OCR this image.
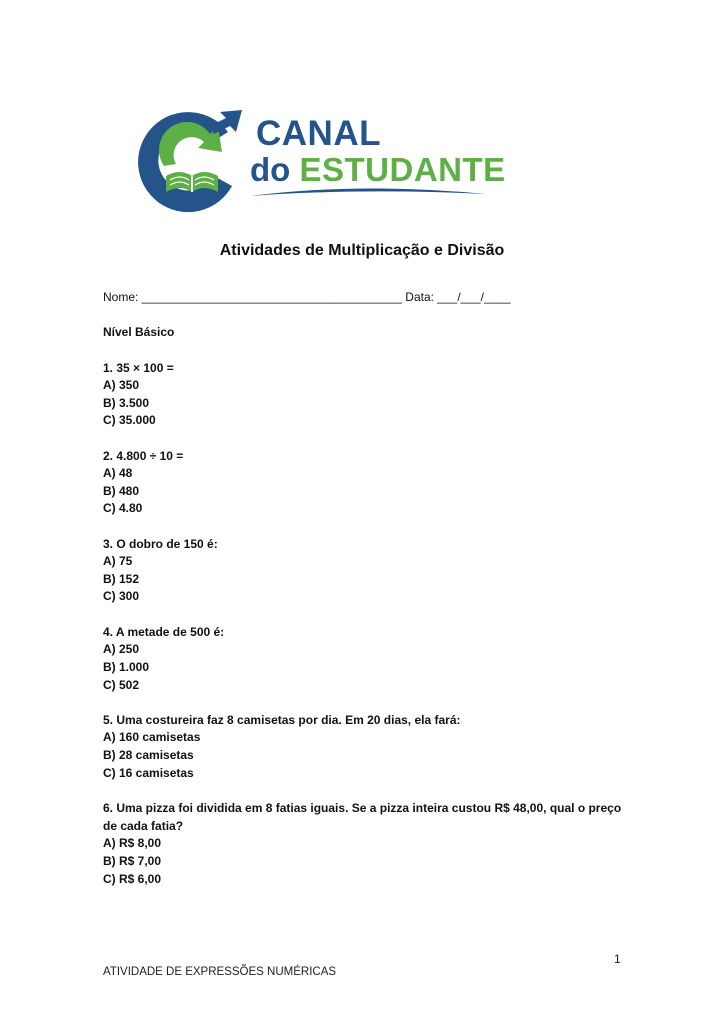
CANAL
do ESTUDANTE
Atividades de Multiplicação e Divisão
Nome: _______________________________________ Data: ___/___/____
Nível Básico
1. 35 × 100 =
A) 350
B) 3.500
C) 35.000
2. 4.800 ÷ 10 =
A) 48
B) 480
C) 4.80
3. O dobro de 150 é:
A) 75
B) 152
C) 300
4. A metade de 500 é:
A) 250
B) 1.000
C) 502
5. Uma costureira faz 8 camisetas por dia. Em 20 dias, ela fará:
A) 160 camisetas
B) 28 camisetas
C) 16 camisetas
6. Uma pizza foi dividida em 8 fatias iguais. Se a pizza inteira custou R$ 48,00, qual o preço
de cada fatia?
A) R$ 8,00
B) R$ 7,00
C) R$ 6,00
1
ATIVIDADE DE EXPRESSÕES NUMÉRICAS
